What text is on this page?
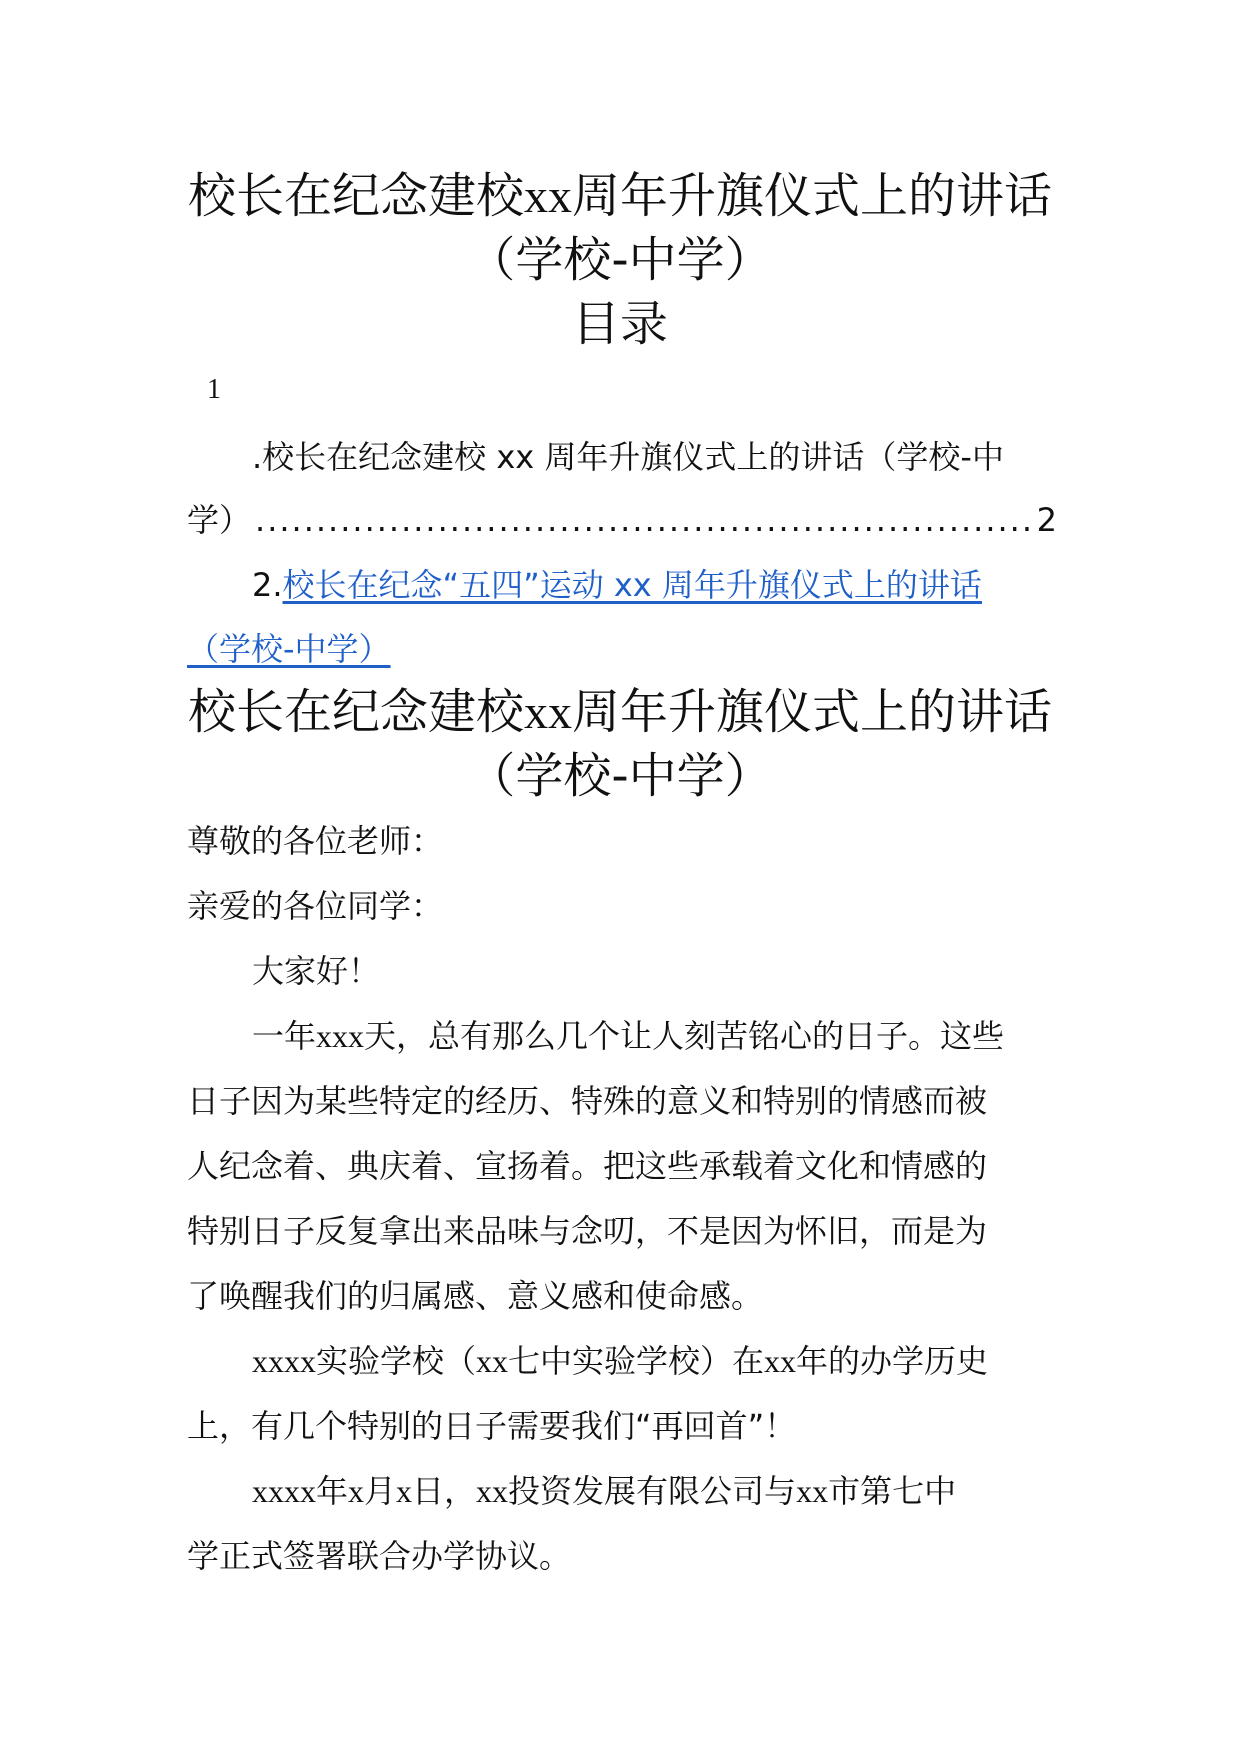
校长在纪念建校xx周年升旗仪式上的讲话
（学校-中学）
目录
1
.校长在纪念建校 xx 周年升旗仪式上的讲话（学校-中
学）
.....	2
2.校长在纪念“五四”运动 xx 周年升旗仪式上的讲话
（学校-中学）
校长在纪念建校xx周年升旗仪式上的讲话
（学校-中学）
尊敬的各位老师：
亲爱的各位同学：
大家好！
一年xxx天，总有那么几个让人刻苦铭心的日子。这些
日子因为某些特定的经历、特殊的意义和特别的情感而被
人纪念着、典庆着、宣扬着。把这些承载着文化和情感的
特别日子反复拿出来品味与念叨，不是因为怀旧，而是为
了唤醒我们的归属感、意义感和使命感。
xxxx实验学校（xx七中实验学校）在xx年的办学历史
上，有几个特别的日子需要我们“再回首”！
xxxx年x月x日，xx投资发展有限公司与xx市第七中
学正式签署联合办学协议。
